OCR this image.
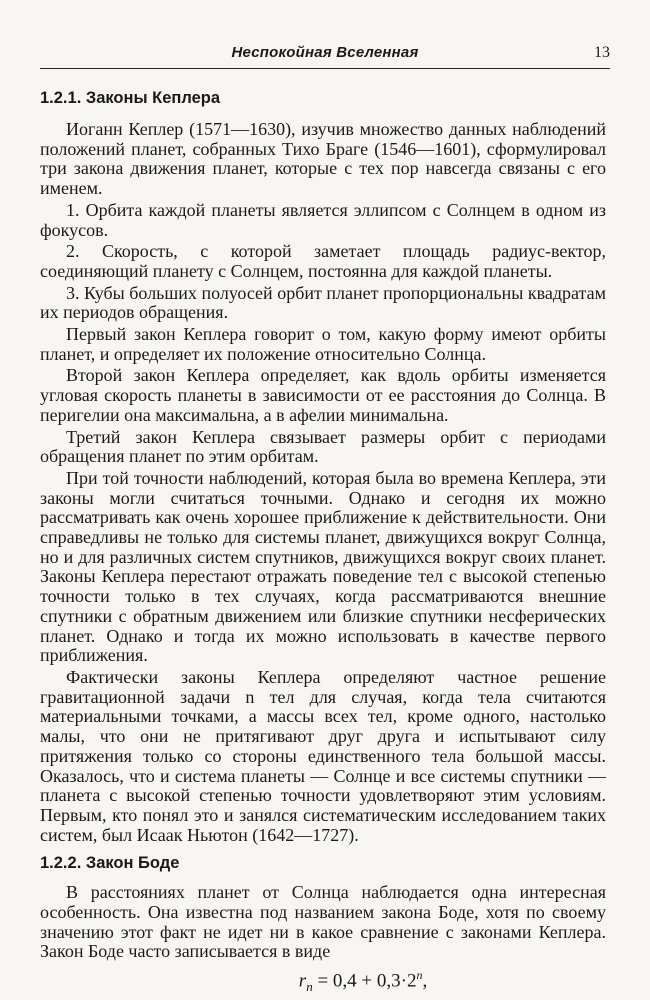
Неспокойная Вселенная	13
1.2.1. Законы Кеплера

Иоганн Кеплер (1571—1630), изучив множество данных наблюдений положений планет, собранных Тихо Браге (1546—1601), сформулировал три закона движения планет, которые с тех пор навсегда связаны с его именем.

1. Орбита каждой планеты является эллипсом с Солнцем в одном из фокусов.

2. Скорость, с которой заметает площадь радиус-вектор, соединяющий планету с Солнцем, постоянна для каждой планеты.

3. Кубы больших полуосей орбит планет пропорциональны квадратам их периодов обращения.

Первый закон Кеплера говорит о том, какую форму имеют орбиты планет, и определяет их положение относительно Солнца.

Второй закон Кеплера определяет, как вдоль орбиты изменяется угловая скорость планеты в зависимости от ее расстояния до Солнца. В перигелии она максимальна, а в афелии минимальна.

Третий закон Кеплера связывает размеры орбит с периодами обращения планет по этим орбитам.

При той точности наблюдений, которая была во времена Кеплера, эти законы могли считаться точными. Однако и сегодня их можно рассматривать как очень хорошее приближение к действительности. Они справедливы не только для системы планет, движущихся вокруг Солнца, но и для различных систем спутников, движущихся вокруг своих планет. Законы Кеплера перестают отражать поведение тел с высокой степенью точности только в тех случаях, когда рассматриваются внешние спутники с обратным движением или близкие спутники несферических планет. Однако и тогда их можно использовать в качестве первого приближения.

Фактически законы Кеплера определяют частное решение гравитационной задачи n тел для случая, когда тела считаются материальными точками, а массы всех тел, кроме одного, настолько малы, что они не притягивают друг друга и испытывают силу притяжения только со стороны единственного тела большой массы. Оказалось, что и система планеты — Солнце и все системы спутники — планета с высокой степенью точности удовлетворяют этим условиям. Первым, кто понял это и занялся систематическим исследованием таких систем, был Исаак Ньютон (1642—1727).

1.2.2. Закон Боде

В расстояниях планет от Солнца наблюдается одна интересная особенность. Она известна под названием закона Боде, хотя по своему значению этот факт не идет ни в какое сравнение с законами Кеплера. Закон Боде часто записывается в виде

$r_n = 0,4 + 0,3\cdot 2^n$,
